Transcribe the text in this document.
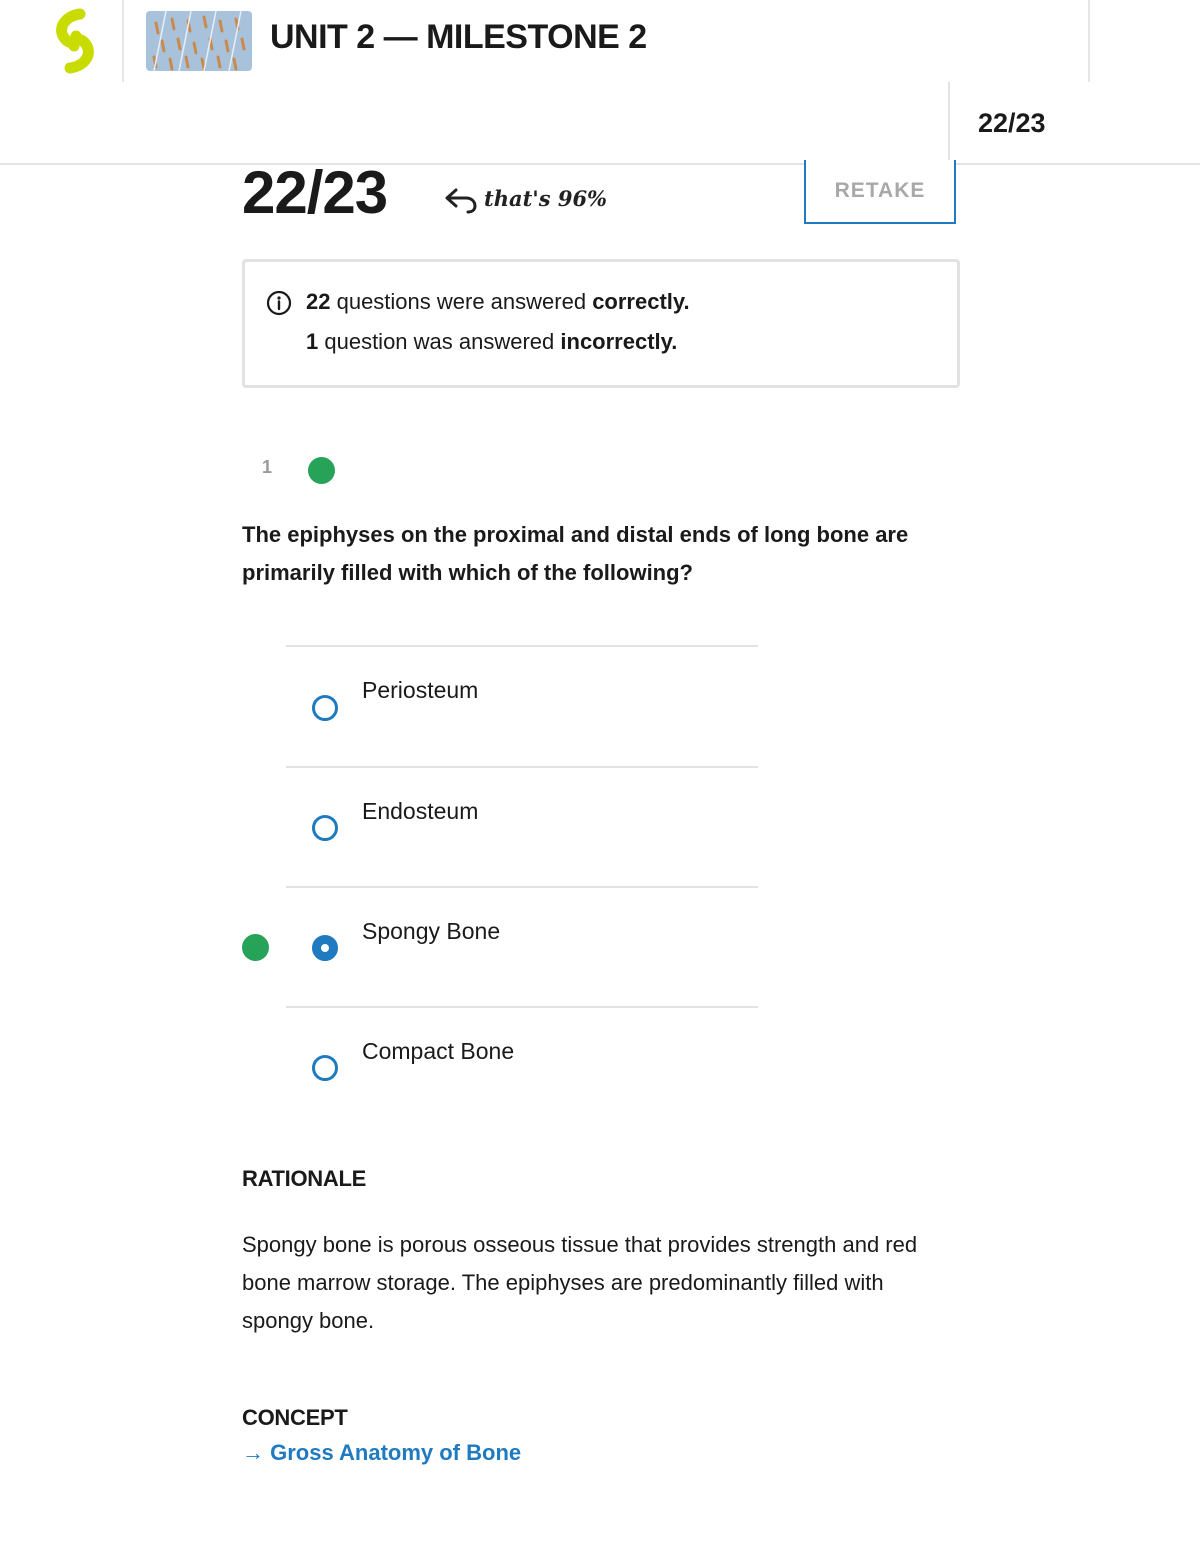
UNIT 2 — MILESTONE 2
22/23
22/23	that's 96%	RETAKE
22 questions were answered correctly.
1 question was answered incorrectly.
1
The epiphyses on the proximal and distal ends of long bone are primarily filled with which of the following?
Periosteum
Endosteum
Spongy Bone
Compact Bone
RATIONALE
Spongy bone is porous osseous tissue that provides strength and red bone marrow storage. The epiphyses are predominantly filled with spongy bone.
CONCEPT
→ Gross Anatomy of Bone
